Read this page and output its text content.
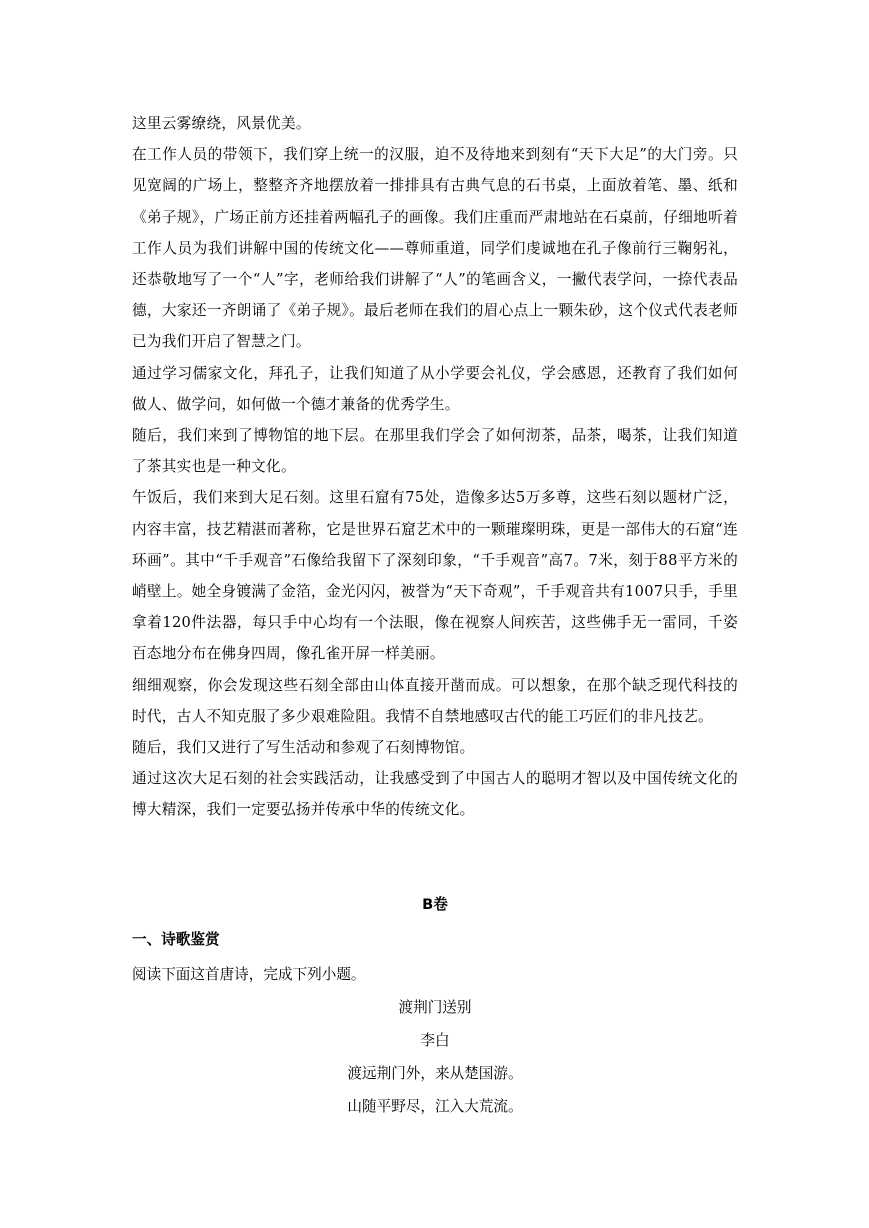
这里云雾缭绕，风景优美。

在工作人员的带领下，我们穿上统一的汉服，迫不及待地来到刻有“天下大足”的大门旁。只见宽阔的广场上，整整齐齐地摆放着一排排具有古典气息的石书桌，上面放着笔、墨、纸和《弟子规》，广场正前方还挂着两幅孔子的画像。我们庄重而严肃地站在石桌前，仔细地听着工作人员为我们讲解中国的传统文化——尊师重道，同学们虔诚地在孔子像前行三鞠躬礼，还恭敬地写了一个“人”字，老师给我们讲解了“人”的笔画含义，一撇代表学问，一捺代表品德，大家还一齐朗诵了《弟子规》。最后老师在我们的眉心点上一颗朱砂，这个仪式代表老师已为我们开启了智慧之门。

通过学习儒家文化，拜孔子，让我们知道了从小学要会礼仪，学会感恩，还教育了我们如何做人、做学问，如何做一个德才兼备的优秀学生。

随后，我们来到了博物馆的地下层。在那里我们学会了如何沏茶，品茶，喝茶，让我们知道了茶其实也是一种文化。

午饭后，我们来到大足石刻。这里石窟有75处，造像多达5万多尊，这些石刻以题材广泛，内容丰富，技艺精湛而著称，它是世界石窟艺术中的一颗璀璨明珠，更是一部伟大的石窟“连环画”。其中“千手观音”石像给我留下了深刻印象，“千手观音”高7。7米，刻于88平方米的峭壁上。她全身镀满了金箔，金光闪闪，被誉为“天下奇观”，千手观音共有1007只手，手里拿着120件法器，每只手中心均有一个法眼，像在视察人间疾苦，这些佛手无一雷同，千姿百态地分布在佛身四周，像孔雀开屏一样美丽。

细细观察，你会发现这些石刻全部由山体直接开凿而成。可以想象，在那个缺乏现代科技的时代，古人不知克服了多少艰难险阻。我情不自禁地感叹古代的能工巧匠们的非凡技艺。

随后，我们又进行了写生活动和参观了石刻博物馆。

通过这次大足石刻的社会实践活动，让我感受到了中国古人的聪明才智以及中国传统文化的博大精深，我们一定要弘扬并传承中华的传统文化。

B卷

一、诗歌鉴赏

阅读下面这首唐诗，完成下列小题。

渡荆门送别
李白
渡远荆门外，来从楚国游。
山随平野尽，江入大荒流。
